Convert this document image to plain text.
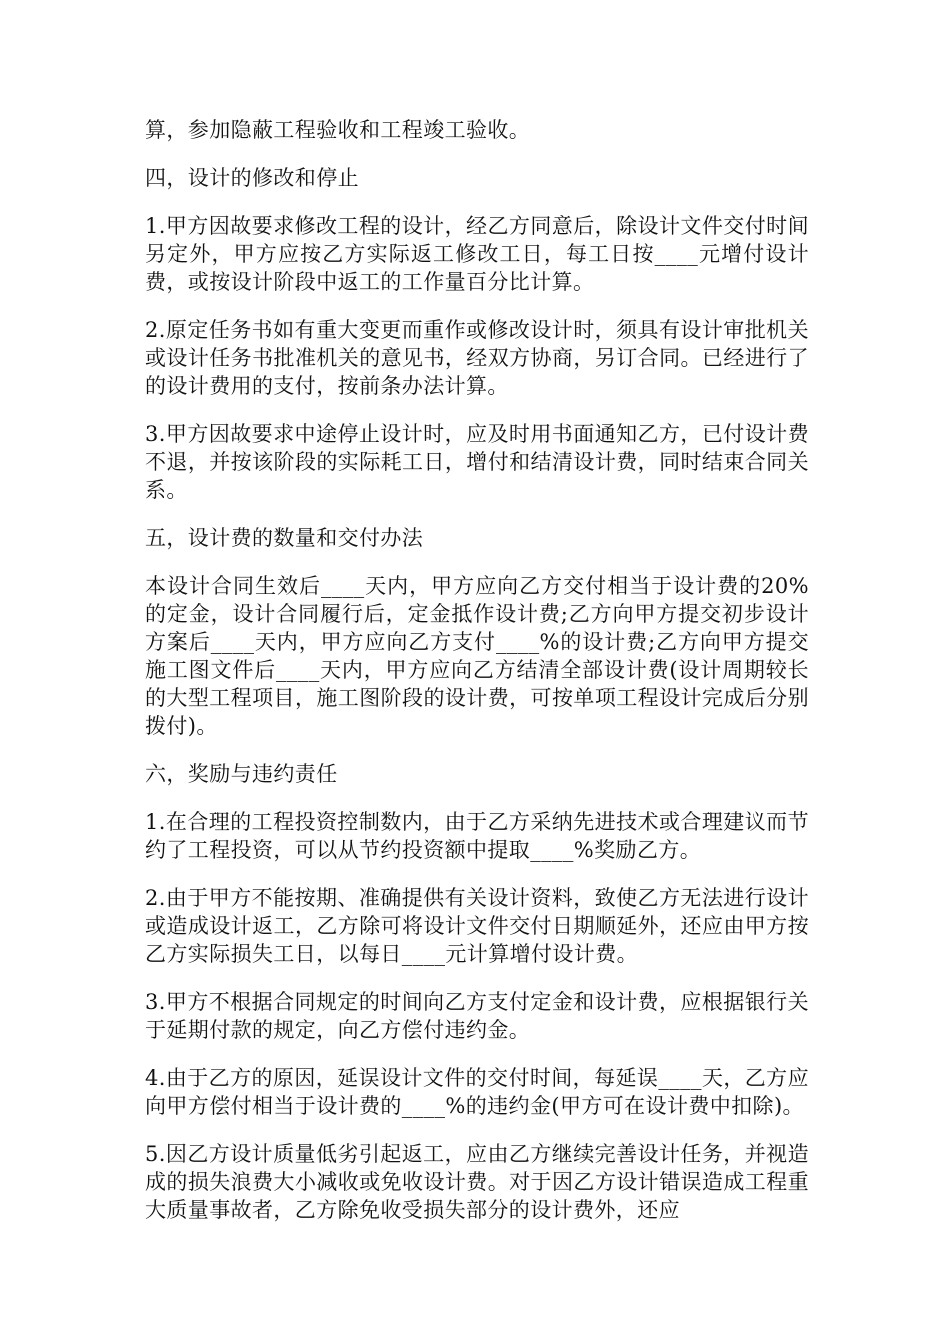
算，参加隐蔽工程验收和工程竣工验收。

四，设计的修改和停止

1.甲方因故要求修改工程的设计，经乙方同意后，除设计文件交付时间另定外，甲方应按乙方实际返工修改工日，每工日按____元增付设计费，或按设计阶段中返工的工作量百分比计算。

2.原定任务书如有重大变更而重作或修改设计时，须具有设计审批机关或设计任务书批准机关的意见书，经双方协商，另订合同。已经进行了的设计费用的支付，按前条办法计算。

3.甲方因故要求中途停止设计时，应及时用书面通知乙方，已付设计费不退，并按该阶段的实际耗工日，增付和结清设计费，同时结束合同关系。

五，设计费的数量和交付办法

本设计合同生效后____天内，甲方应向乙方交付相当于设计费的20%的定金，设计合同履行后，定金抵作设计费;乙方向甲方提交初步设计方案后____天内，甲方应向乙方支付____%的设计费;乙方向甲方提交施工图文件后____天内，甲方应向乙方结清全部设计费(设计周期较长的大型工程项目，施工图阶段的设计费，可按单项工程设计完成后分别拨付)。

六，奖励与违约责任

1.在合理的工程投资控制数内，由于乙方采纳先进技术或合理建议而节约了工程投资，可以从节约投资额中提取____%奖励乙方。

2.由于甲方不能按期、准确提供有关设计资料，致使乙方无法进行设计或造成设计返工，乙方除可将设计文件交付日期顺延外，还应由甲方按乙方实际损失工日，以每日____元计算增付设计费。

3.甲方不根据合同规定的时间向乙方支付定金和设计费，应根据银行关于延期付款的规定，向乙方偿付违约金。

4.由于乙方的原因，延误设计文件的交付时间，每延误____天，乙方应向甲方偿付相当于设计费的____%的违约金(甲方可在设计费中扣除)。

5.因乙方设计质量低劣引起返工，应由乙方继续完善设计任务，并视造成的损失浪费大小减收或免收设计费。对于因乙方设计错误造成工程重大质量事故者，乙方除免收受损失部分的设计费外，还应
